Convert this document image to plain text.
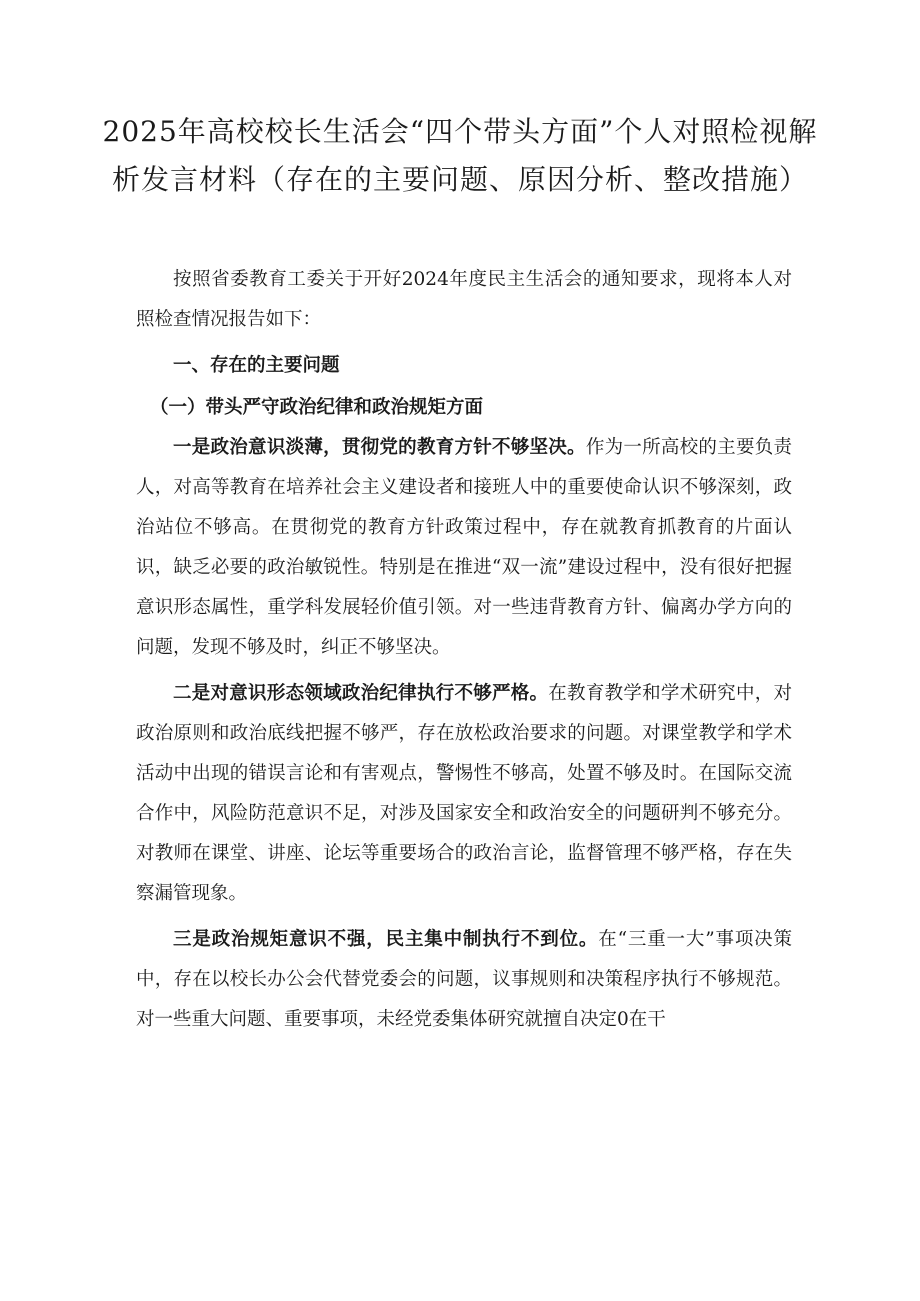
2025年高校校长生活会“四个带头方面”个人对照检视解析发言材料（存在的主要问题、原因分析、整改措施）

按照省委教育工委关于开好2024年度民主生活会的通知要求，现将本人对照检查情况报告如下：

一、存在的主要问题

（一）带头严守政治纪律和政治规矩方面

一是政治意识淡薄，贯彻党的教育方针不够坚决。作为一所高校的主要负责人，对高等教育在培养社会主义建设者和接班人中的重要使命认识不够深刻，政治站位不够高。在贯彻党的教育方针政策过程中，存在就教育抓教育的片面认识，缺乏必要的政治敏锐性。特别是在推进“双一流”建设过程中，没有很好把握意识形态属性，重学科发展轻价值引领。对一些违背教育方针、偏离办学方向的问题，发现不够及时，纠正不够坚决。

二是对意识形态领域政治纪律执行不够严格。在教育教学和学术研究中，对政治原则和政治底线把握不够严，存在放松政治要求的问题。对课堂教学和学术活动中出现的错误言论和有害观点，警惕性不够高，处置不够及时。在国际交流合作中，风险防范意识不足，对涉及国家安全和政治安全的问题研判不够充分。对教师在课堂、讲座、论坛等重要场合的政治言论，监督管理不够严格，存在失察漏管现象。

三是政治规矩意识不强，民主集中制执行不到位。在“三重一大”事项决策中，存在以校长办公会代替党委会的问题，议事规则和决策程序执行不够规范。对一些重大问题、重要事项，未经党委集体研究就擅自决定0在干
